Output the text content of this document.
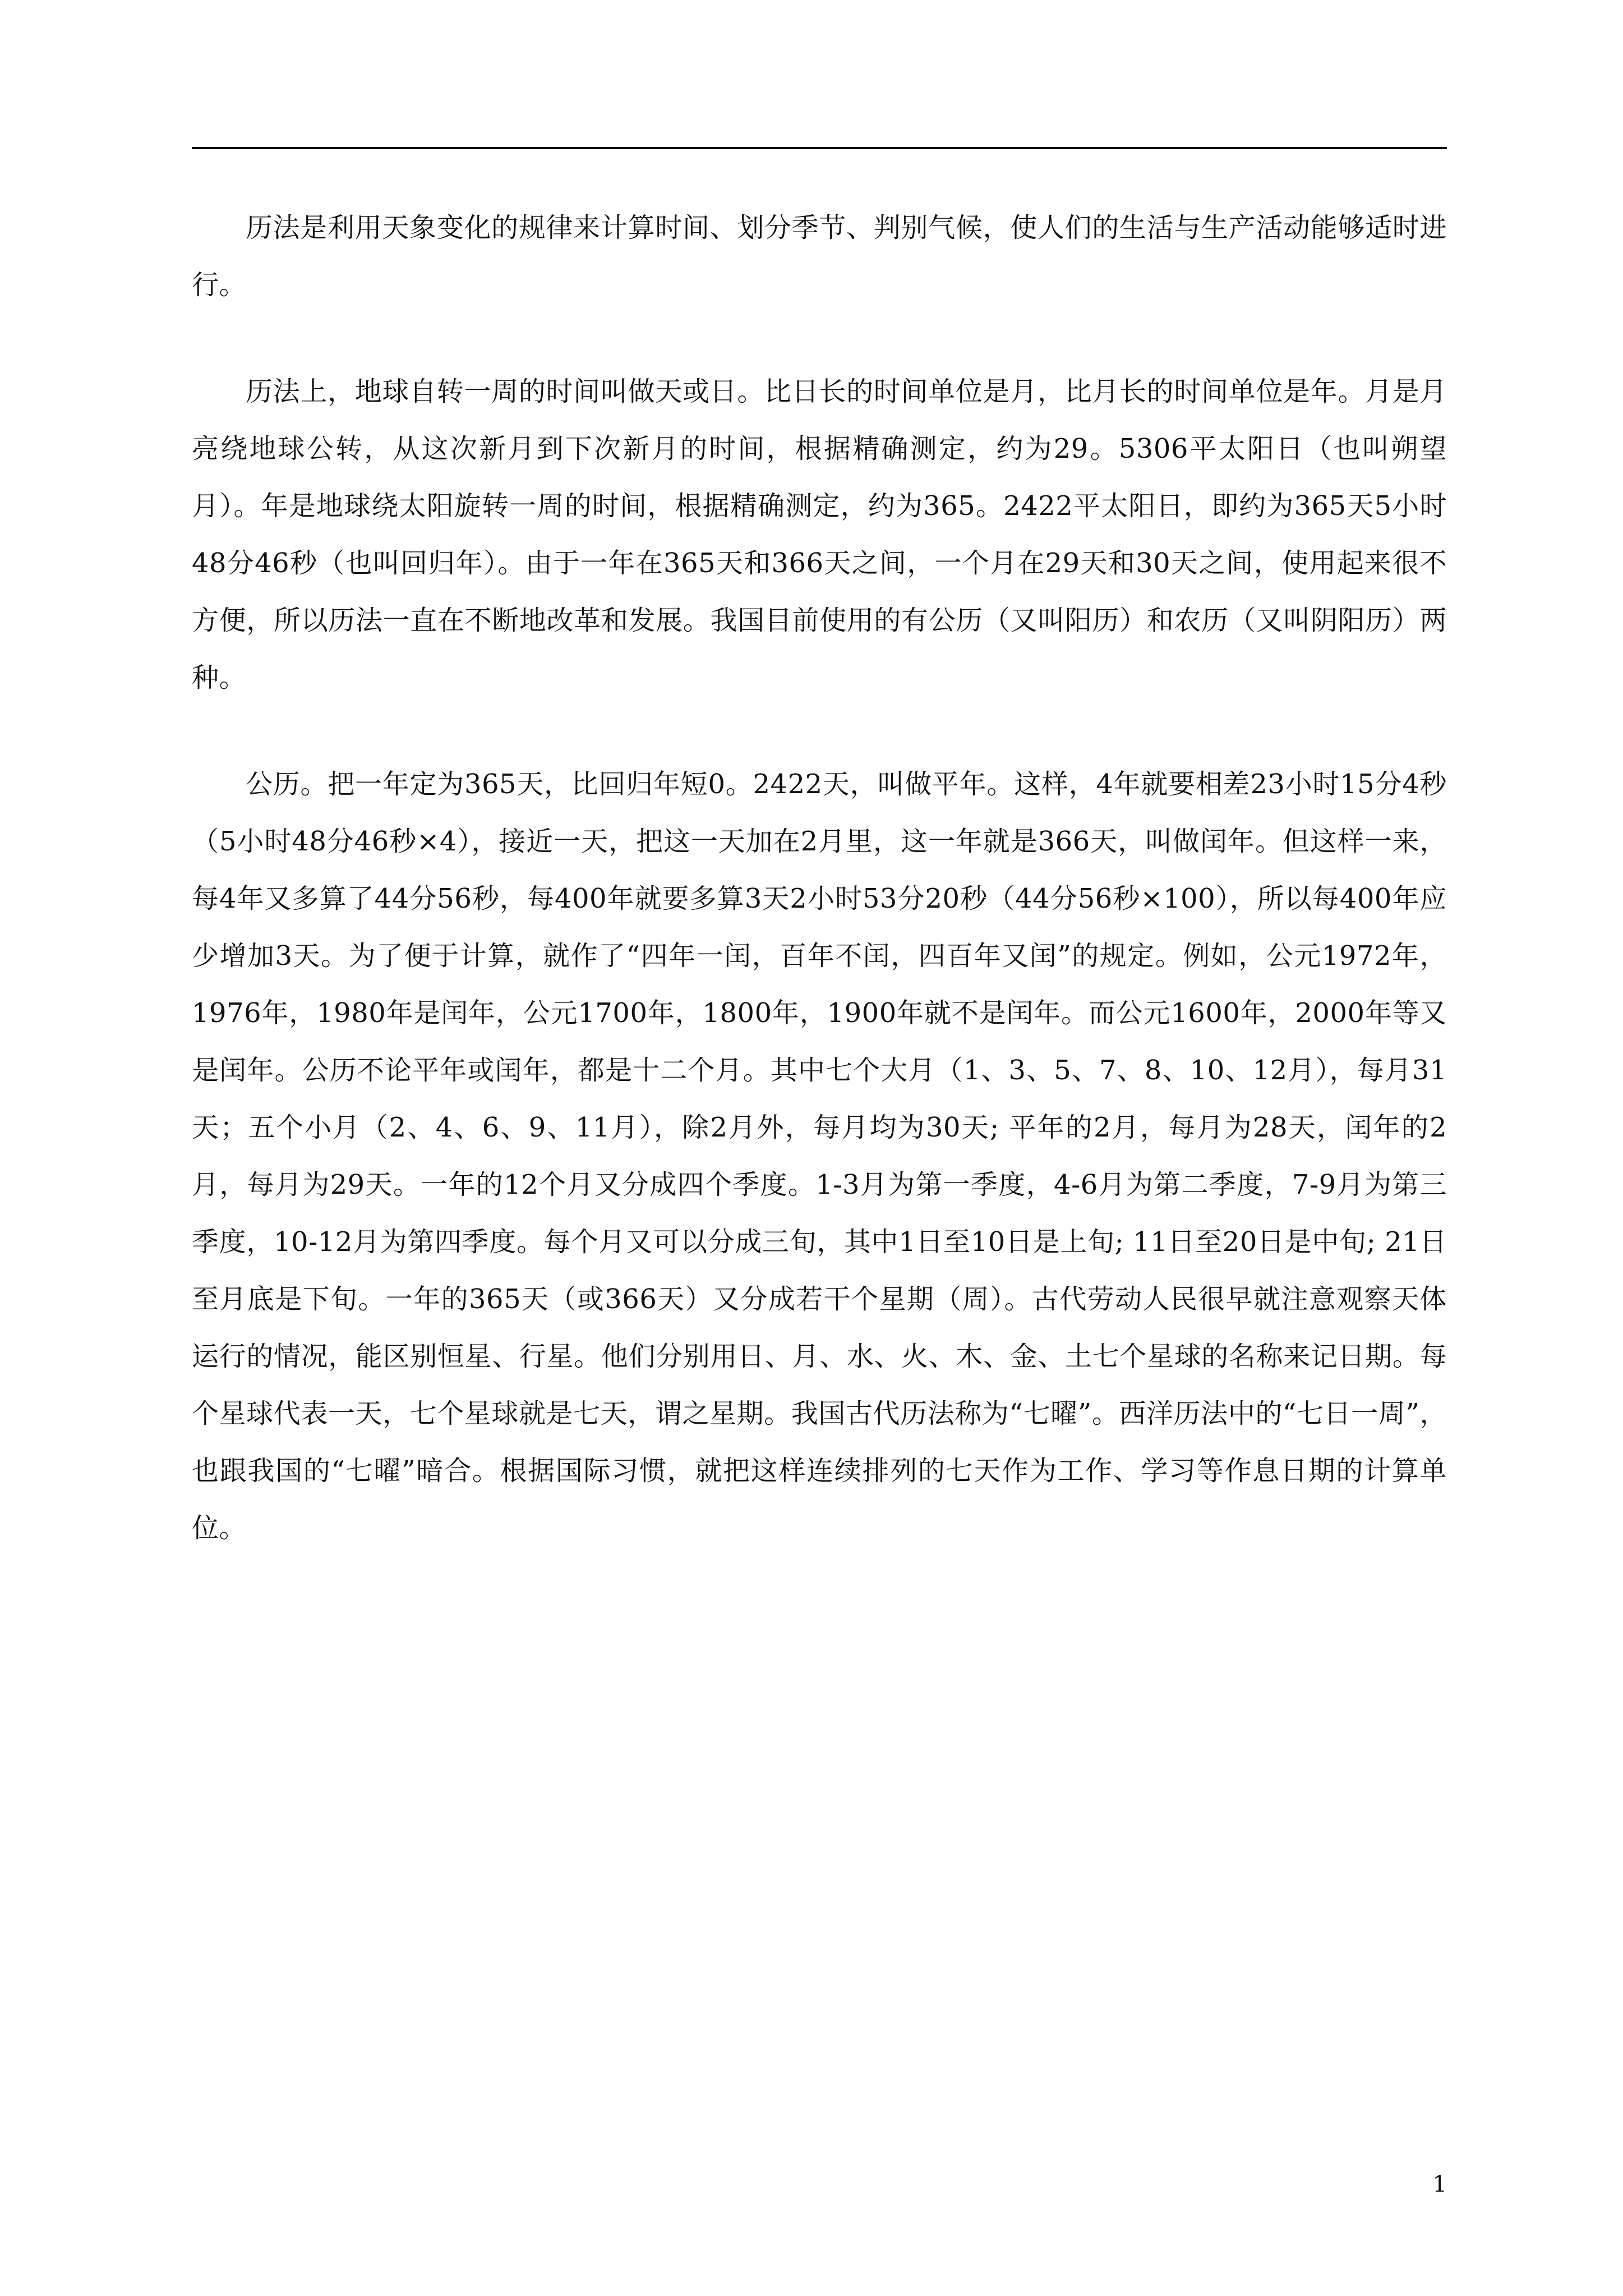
历法是利用天象变化的规律来计算时间、划分季节、判别气候，使人们的生活与生产活动能够适时进行。

历法上，地球自转一周的时间叫做天或日。比日长的时间单位是月，比月长的时间单位是年。月是月亮绕地球公转，从这次新月到下次新月的时间，根据精确测定，约为29。5306平太阳日（也叫朔望月）。年是地球绕太阳旋转一周的时间，根据精确测定，约为365。2422平太阳日，即约为365天5小时48分46秒（也叫回归年）。由于一年在365天和366天之间，一个月在29天和30天之间，使用起来很不方便，所以历法一直在不断地改革和发展。我国目前使用的有公历（又叫阳历）和农历（又叫阴阳历）两种。

公历。把一年定为365天，比回归年短0。2422天，叫做平年。这样，4年就要相差23小时15分4秒（5小时48分46秒×4），接近一天，把这一天加在2月里，这一年就是366天，叫做闰年。但这样一来，每4年又多算了44分56秒，每400年就要多算3天2小时53分20秒（44分56秒×100），所以每400年应少增加3天。为了便于计算，就作了“四年一闰，百年不闰，四百年又闰”的规定。例如，公元1972年， 1976年，1980年是闰年，公元1700年，1800年，1900年就不是闰年。而公元1600年，2000年等又是闰年。公历不论平年或闰年，都是十二个月。其中七个大月（1、3、5、7、8、10、12月），每月31天；五个小月（2、4、6、9、11月），除2月外，每月均为30天; 平年的2月，每月为28天，闰年的2月，每月为29天。一年的12个月又分成四个季度。1-3月为第一季度，4-6月为第二季度，7-9月为第三季度，10-12月为第四季度。每个月又可以分成三旬，其中1日至10日是上旬; 11日至20日是中旬; 21日至月底是下旬。一年的365天（或366天）又分成若干个星期（周）。古代劳动人民很早就注意观察天体运行的情况，能区别恒星、行星。他们分别用日、月、水、火、木、金、土七个星球的名称来记日期。每个星球代表一天，七个星球就是七天，谓之星期。我国古代历法称为“七曜”。西洋历法中的“七日一周”，也跟我国的“七曜”暗合。根据国际习惯，就把这样连续排列的七天作为工作、学习等作息日期的计算单位。

1
